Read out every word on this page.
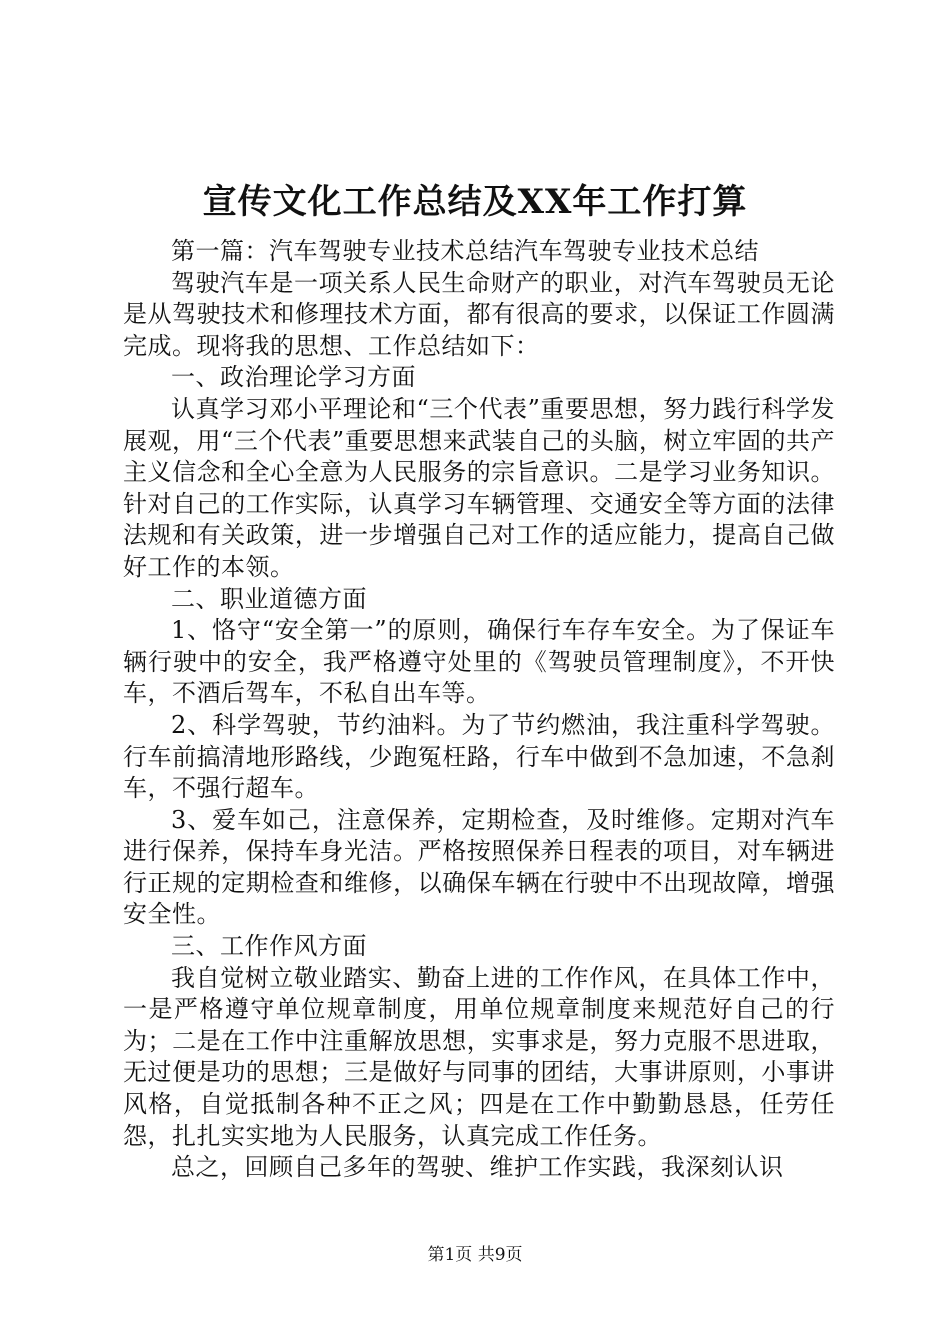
宣传文化工作总结及XX年工作打算

第一篇：汽车驾驶专业技术总结汽车驾驶专业技术总结

驾驶汽车是一项关系人民生命财产的职业，对汽车驾驶员无论是从驾驶技术和修理技术方面，都有很高的要求，以保证工作圆满完成。现将我的思想、工作总结如下：

一、政治理论学习方面

认真学习邓小平理论和“三个代表”重要思想，努力践行科学发展观，用“三个代表”重要思想来武装自己的头脑，树立牢固的共产主义信念和全心全意为人民服务的宗旨意识。二是学习业务知识。针对自己的工作实际，认真学习车辆管理、交通安全等方面的法律法规和有关政策，进一步增强自己对工作的适应能力，提高自己做好工作的本领。

二、职业道德方面

1、恪守“安全第一”的原则，确保行车存车安全。为了保证车辆行驶中的安全，我严格遵守处里的《驾驶员管理制度》，不开快车，不酒后驾车，不私自出车等。

2、科学驾驶，节约油料。为了节约燃油，我注重科学驾驶。行车前搞清地形路线，少跑冤枉路，行车中做到不急加速，不急刹车，不强行超车。

3、爱车如己，注意保养，定期检查，及时维修。定期对汽车进行保养，保持车身光洁。严格按照保养日程表的项目，对车辆进行正规的定期检查和维修，以确保车辆在行驶中不出现故障，增强安全性。

三、工作作风方面

我自觉树立敬业踏实、勤奋上进的工作作风，在具体工作中，一是严格遵守单位规章制度，用单位规章制度来规范好自己的行为；二是在工作中注重解放思想，实事求是，努力克服不思进取，无过便是功的思想；三是做好与同事的团结，大事讲原则，小事讲风格，自觉抵制各种不正之风；四是在工作中勤勤恳恳，任劳任怨，扎扎实实地为人民服务，认真完成工作任务。

总之，回顾自己多年的驾驶、维护工作实践，我深刻认识

第1页 共9页
